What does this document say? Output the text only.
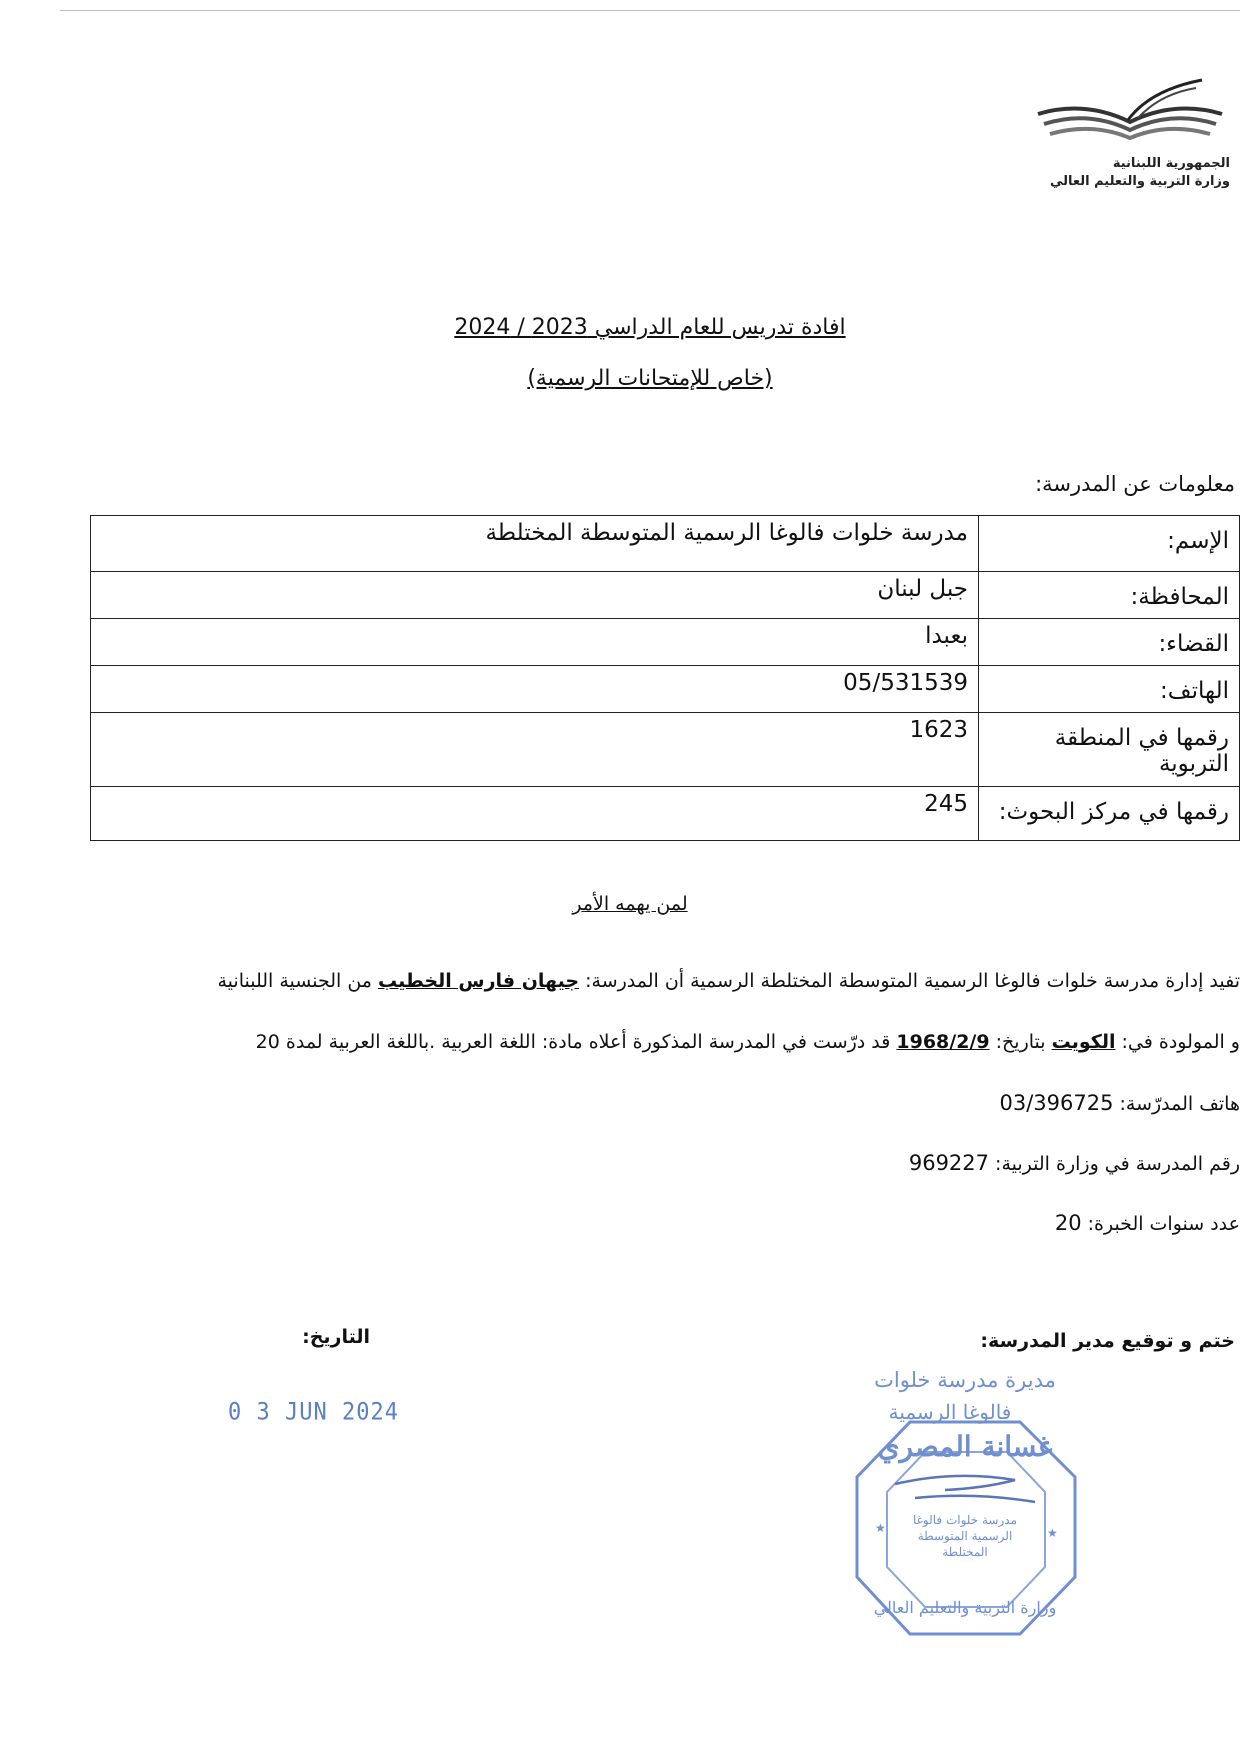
الجمهورية اللبنانية
وزارة التربية والتعليم العالي
افادة تدريس للعام الدراسي 2023 / 2024
(خاص للإمتحانات الرسمية)
معلومات عن المدرسة:
الإسم:	مدرسة خلوات فالوغا الرسمية المتوسطة المختلطة
المحافظة:	جبل لبنان
القضاء:	بعبدا
الهاتف:	05/531539
رقمها في المنطقة التربوية	1623
رقمها في مركز البحوث:	245
لمن يهمه الأمر
تفيد إدارة مدرسة خلوات فالوغا الرسمية المتوسطة المختلطة الرسمية أن المدرسة: جيهان فارس الخطيب من الجنسية اللبنانية
و المولودة في: الكويت بتاريخ: 1968/2/9 قد درّست في المدرسة المذكورة أعلاه مادة: اللغة العربية .باللغة العربية لمدة 20
هاتف المدرّسة: 03/396725
رقم المدرسة في وزارة التربية: 969227
عدد سنوات الخبرة: 20
ختم و توقيع مدير المدرسة:
التاريخ:
0 3 JUN 2024
★	★
مديرة مدرسة خلوات
فالوغا الرسمية
غسانة المصري
مدرسة خلوات فالوغا الرسمية المتوسطة المختلطة
وزارة التربية والتعليم العالي
